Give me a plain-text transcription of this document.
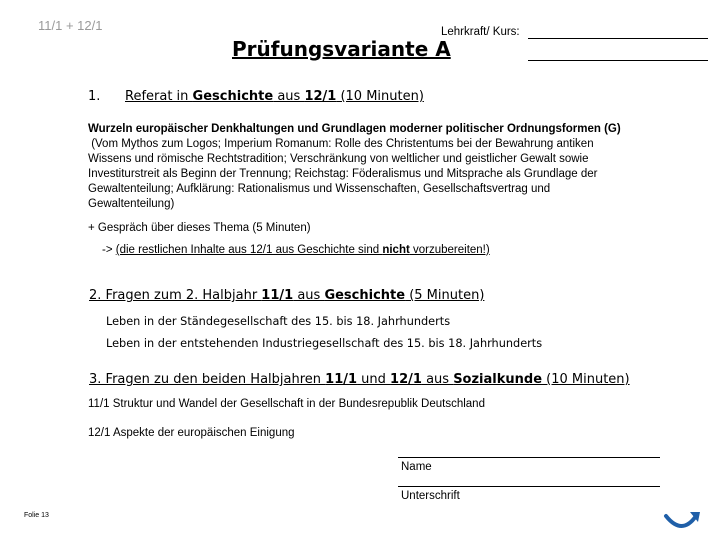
11/1 + 12/1
Prüfungsvariante A
Lehrkraft/ Kurs:
1. Referat in Geschichte aus 12/1 (10 Minuten)
Wurzeln europäischer Denkhaltungen und Grundlagen moderner politischer Ordnungsformen (G)
(Vom Mythos zum Logos; Imperium Romanum: Rolle des Christentums bei der Bewahrung antiken
Wissens und römische Rechtstradition; Verschränkung von weltlicher und geistlicher Gewalt sowie
Investiturstreit als Beginn der Trennung; Reichstag: Föderalismus und Mitsprache als Grundlage der
Gewaltenteilung; Aufklärung: Rationalismus und Wissenschaften, Gesellschaftsvertrag und
Gewaltenteilung)
+ Gespräch über dieses Thema (5 Minuten)
-> (die restlichen Inhalte aus 12/1 aus Geschichte sind nicht vorzubereiten!)
2. Fragen zum 2. Halbjahr 11/1 aus Geschichte (5 Minuten)
Leben in der Ständegesellschaft des 15. bis 18. Jahrhunderts
Leben in der entstehenden Industriegesellschaft des 15. bis 18. Jahrhunderts
3. Fragen zu den beiden Halbjahren 11/1 und 12/1 aus Sozialkunde (10 Minuten)
11/1 Struktur und Wandel der Gesellschaft in der Bundesrepublik Deutschland
12/1 Aspekte der europäischen Einigung
Name
Unterschrift
Folie 13
